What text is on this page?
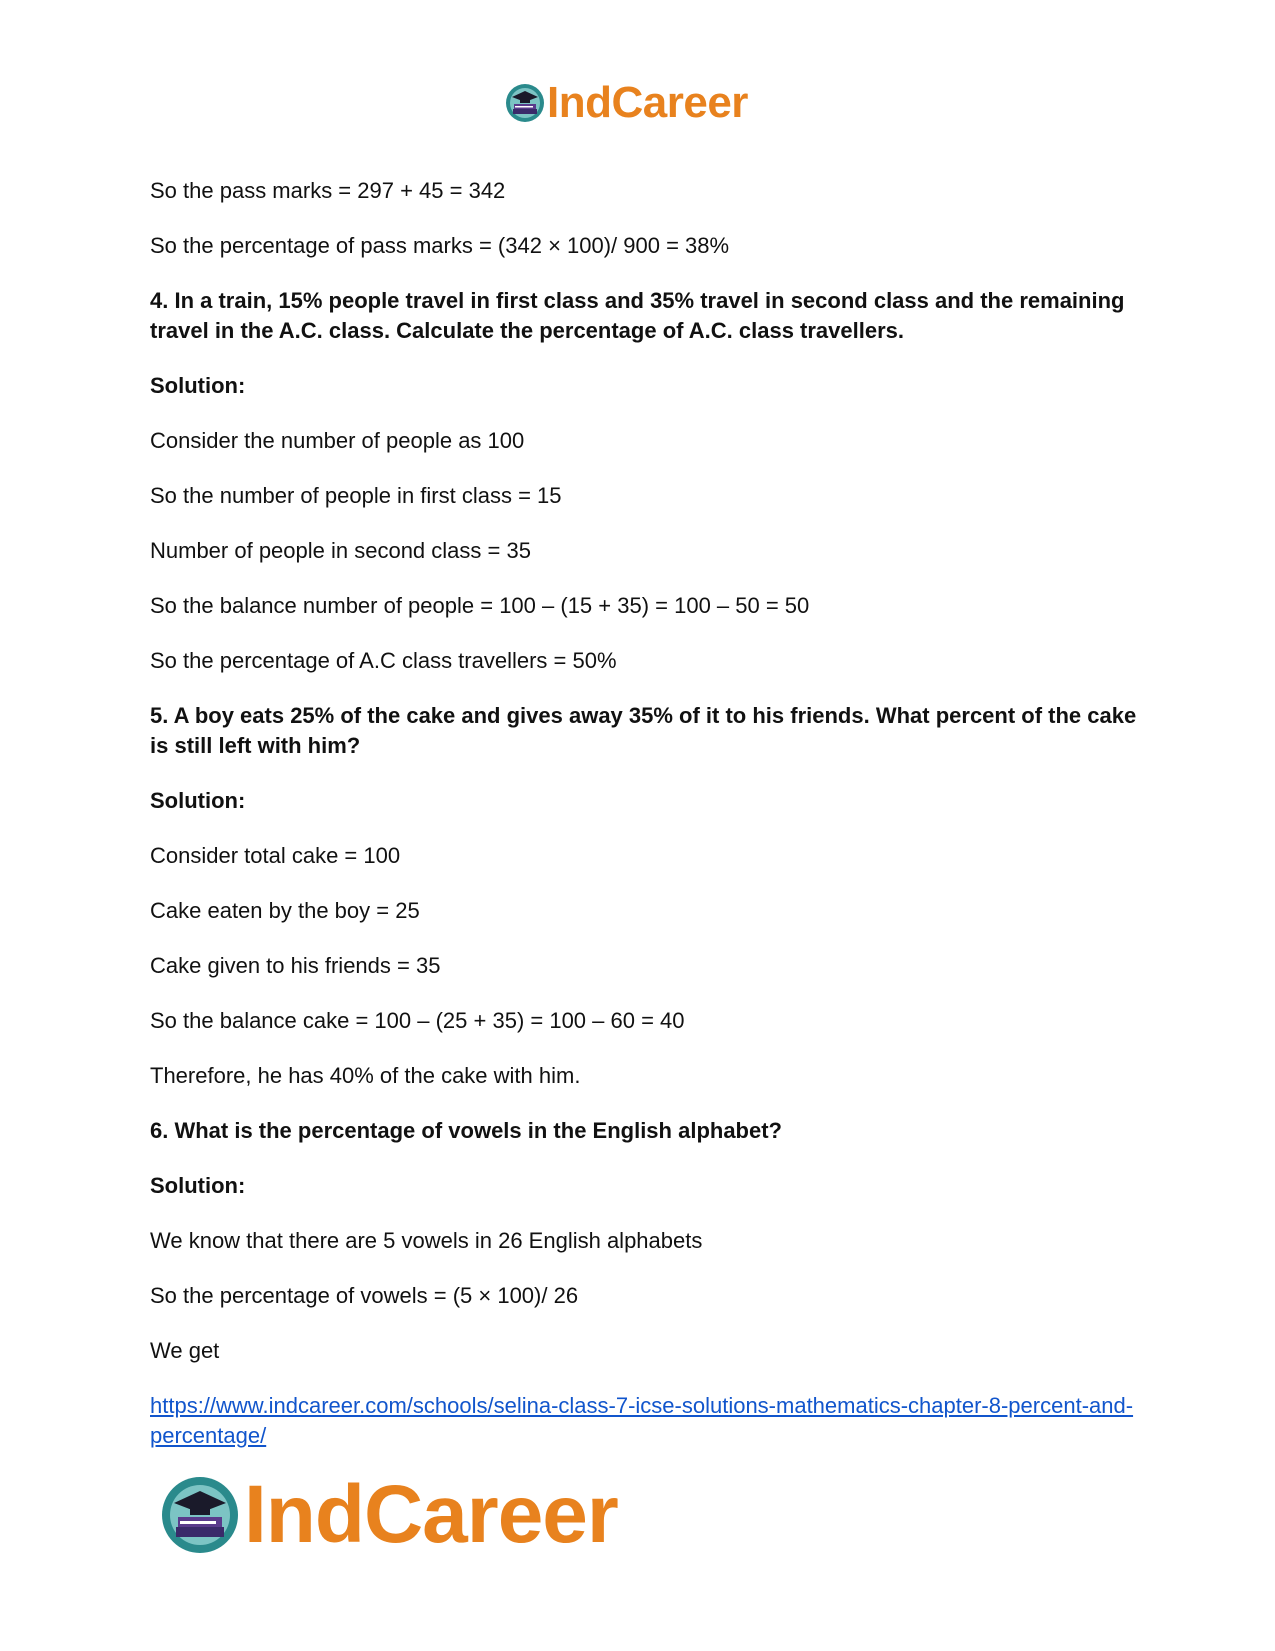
IndCareer

So the pass marks = 297 + 45 = 342

So the percentage of pass marks = (342 × 100)/ 900 = 38%

4. In a train, 15% people travel in first class and 35% travel in second class and the remaining travel in the A.C. class. Calculate the percentage of A.C. class travellers.

Solution:

Consider the number of people as 100

So the number of people in first class = 15

Number of people in second class = 35

So the balance number of people = 100 – (15 + 35) = 100 – 50 = 50

So the percentage of A.C class travellers = 50%

5. A boy eats 25% of the cake and gives away 35% of it to his friends. What percent of the cake is still left with him?

Solution:

Consider total cake = 100

Cake eaten by the boy = 25

Cake given to his friends = 35

So the balance cake = 100 – (25 + 35) = 100 – 60 = 40

Therefore, he has 40% of the cake with him.

6. What is the percentage of vowels in the English alphabet?

Solution:

We know that there are 5 vowels in 26 English alphabets

So the percentage of vowels = (5 × 100)/ 26

We get

https://www.indcareer.com/schools/selina-class-7-icse-solutions-mathematics-chapter-8-percent-and-percentage/
IndCareer
